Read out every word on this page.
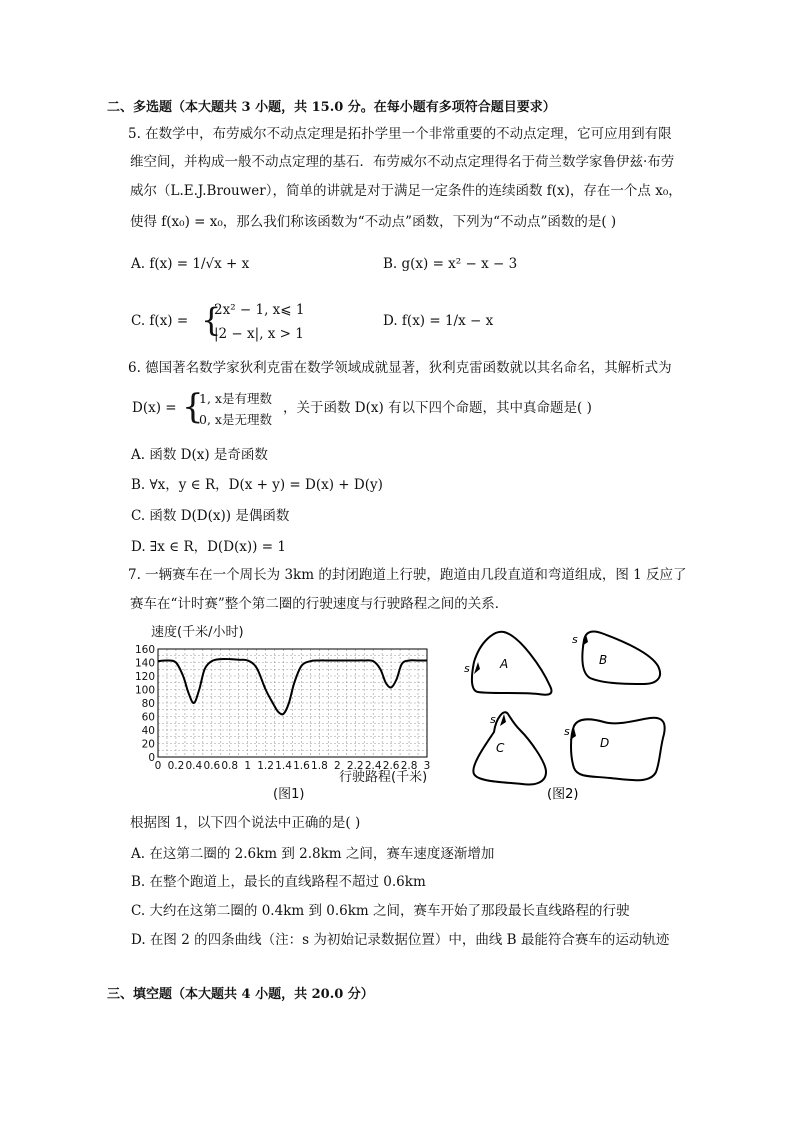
二、多选题（本大题共 3 小题，共 15.0 分。在每小题有多项符合题目要求）
5. 在数学中，布劳威尔不动点定理是拓扑学里一个非常重要的不动点定理，它可应用到有限
维空间，并构成一般不动点定理的基石．布劳威尔不动点定理得名于荷兰数学家鲁伊兹·布劳
威尔（L.E.J.Brouwer），简单的讲就是对于满足一定条件的连续函数 f(x)，存在一个点 x₀，
使得 f(x₀) = x₀，那么我们称该函数为“不动点”函数，下列为“不动点”函数的是( )
A. f(x) = 1/√x + x	B. g(x) = x² − x − 3
C. f(x) = {
2x² − 1, x⩽ 1
|2 − x|, x > 1
D. f(x) = 1/x − x
6. 德国著名数学家狄利克雷在数学领域成就显著，狄利克雷函数就以其名命名，其解析式为
D(x) = {
1, x是有理数
0, x是无理数
，关于函数 D(x) 有以下四个命题，其中真命题是( )
A. 函数 D(x) 是奇函数
B. ∀x，y ∈ R，D(x + y) = D(x) + D(y)
C. 函数 D(D(x)) 是偶函数
D. ∃x ∈ R，D(D(x)) = 1
7. 一辆赛车在一个周长为 3km 的封闭跑道上行驶，跑道由几段直道和弯道组成，图 1 反应了
赛车在“计时赛”整个第二圈的行驶速度与行驶路程之间的关系．
速度(千米/小时)
0
20
40
60
80
100
120
140
160
0 0.2 0.4 0.6 0.8 1 1.2 1.4 1.6 1.8 2 2.2 2.4 2.6 2.8 3
行驶路程(千米)
(图1)
s	A
s
B
s
C
s
D
(图2)
根据图 1，以下四个说法中正确的是( )
A. 在这第二圈的 2.6km 到 2.8km 之间，赛车速度逐渐增加
B. 在整个跑道上，最长的直线路程不超过 0.6km
C. 大约在这第二圈的 0.4km 到 0.6km 之间，赛车开始了那段最长直线路程的行驶
D. 在图 2 的四条曲线（注：s 为初始记录数据位置）中，曲线 B 最能符合赛车的运动轨迹
三、填空题（本大题共 4 小题，共 20.0 分）
